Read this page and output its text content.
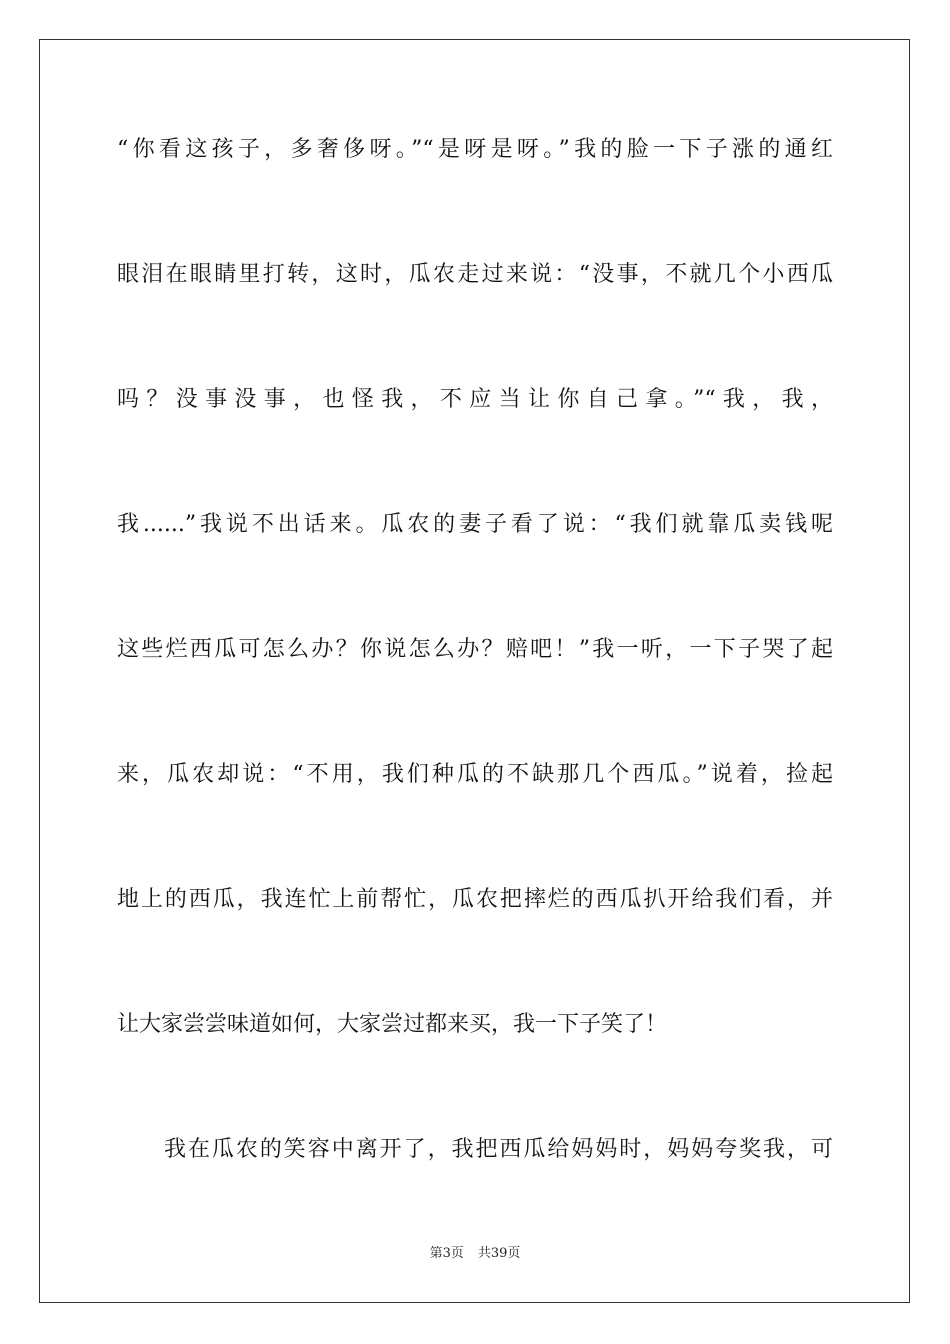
“你看这孩子，多奢侈呀。”“是呀是呀。”我的脸一下子涨的通红
眼泪在眼睛里打转，这时，瓜农走过来说：“没事，不就几个小西瓜
吗？没事没事，也怪我，不应当让你自己拿。”“我，我，
我......”我说不出话来。瓜农的妻子看了说：“我们就靠瓜卖钱呢
这些烂西瓜可怎么办？你说怎么办？赔吧！”我一听，一下子哭了起
来，瓜农却说：“不用，我们种瓜的不缺那几个西瓜。”说着，捡起
地上的西瓜，我连忙上前帮忙，瓜农把摔烂的西瓜扒开给我们看，并
让大家尝尝味道如何，大家尝过都来买，我一下子笑了！
我在瓜农的笑容中离开了，我把西瓜给妈妈时，妈妈夸奖我，可
第3页 共39页
